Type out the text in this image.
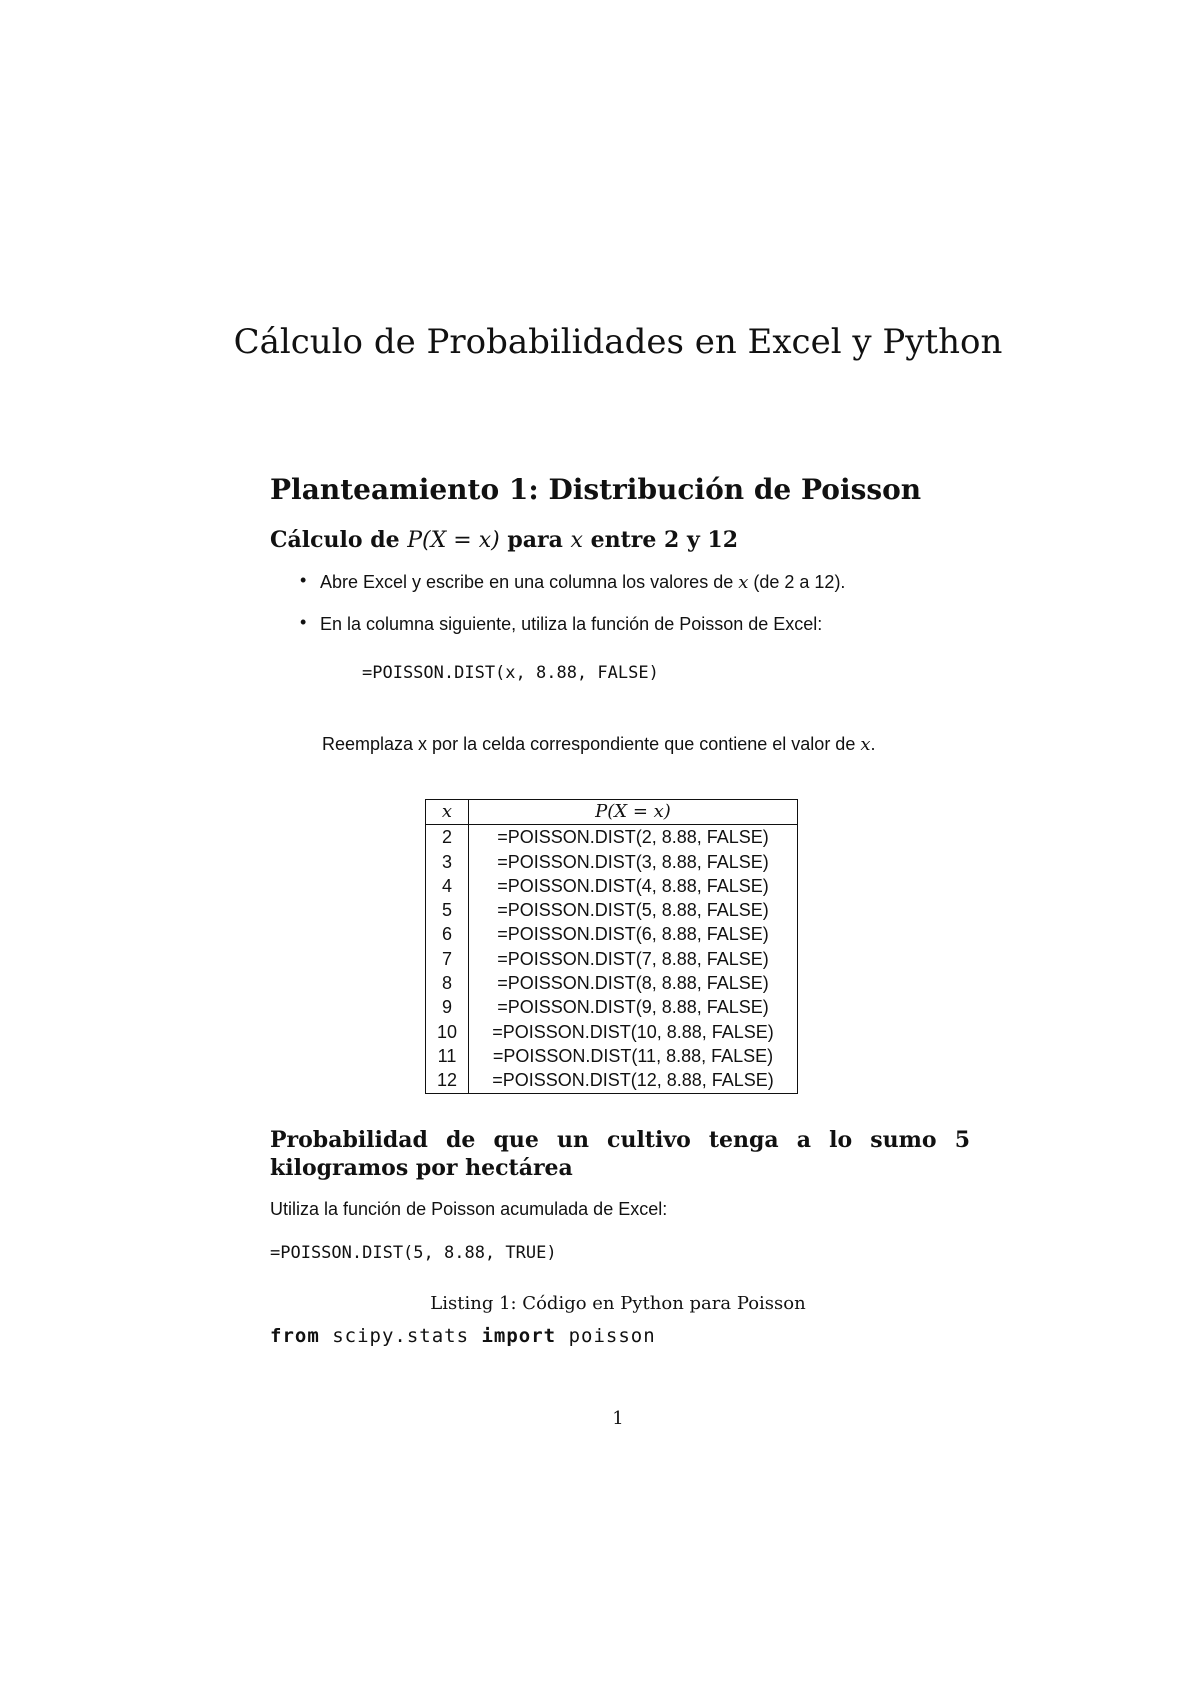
Cálculo de Probabilidades en Excel y Python
Planteamiento 1: Distribución de Poisson
Cálculo de P(X = x) para x entre 2 y 12
• Abre Excel y escribe en una columna los valores de x (de 2 a 12).
• En la columna siguiente, utiliza la función de Poisson de Excel:
=POISSON.DIST(x, 8.88, FALSE)
Reemplaza x por la celda correspondiente que contiene el valor de x.
x	P(X = x)
2	=POISSON.DIST(2, 8.88, FALSE)
3	=POISSON.DIST(3, 8.88, FALSE)
4	=POISSON.DIST(4, 8.88, FALSE)
5	=POISSON.DIST(5, 8.88, FALSE)
6	=POISSON.DIST(6, 8.88, FALSE)
7	=POISSON.DIST(7, 8.88, FALSE)
8	=POISSON.DIST(8, 8.88, FALSE)
9	=POISSON.DIST(9, 8.88, FALSE)
10	=POISSON.DIST(10, 8.88, FALSE)
11	=POISSON.DIST(11, 8.88, FALSE)
12	=POISSON.DIST(12, 8.88, FALSE)
Probabilidad de que un cultivo tenga a lo sumo 5 kilogramos por hectárea
Utiliza la función de Poisson acumulada de Excel:
=POISSON.DIST(5, 8.88, TRUE)
Listing 1: Código en Python para Poisson
from scipy.stats import poisson
1
